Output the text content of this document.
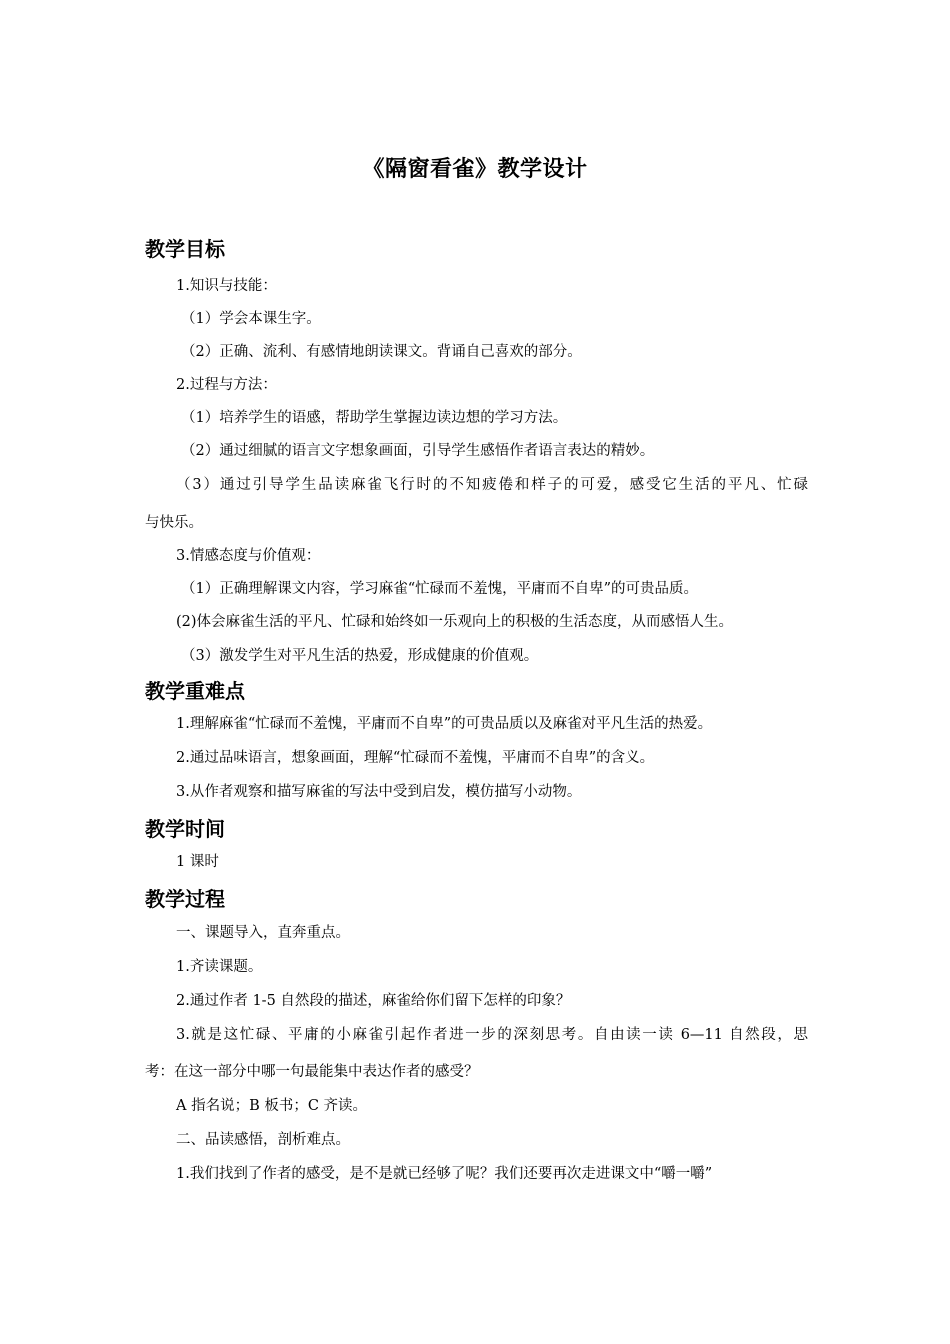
《隔窗看雀》教学设计
教学目标
1.知识与技能：
（1）学会本课生字。
（2）正确、流利、有感情地朗读课文。背诵自己喜欢的部分。
2.过程与方法：
（1）培养学生的语感，帮助学生掌握边读边想的学习方法。
（2）通过细腻的语言文字想象画面，引导学生感悟作者语言表达的精妙。
（3）通过引导学生品读麻雀飞行时的不知疲倦和样子的可爱，感受它生活的平凡、忙碌
与快乐。
3.情感态度与价值观：
（1）正确理解课文内容，学习麻雀“忙碌而不羞愧，平庸而不自卑”的可贵品质。
(2)体会麻雀生活的平凡、忙碌和始终如一乐观向上的积极的生活态度，从而感悟人生。
（3）激发学生对平凡生活的热爱，形成健康的价值观。
教学重难点
1.理解麻雀“忙碌而不羞愧，平庸而不自卑”的可贵品质以及麻雀对平凡生活的热爱。
2.通过品味语言，想象画面，理解“忙碌而不羞愧，平庸而不自卑”的含义。
3.从作者观察和描写麻雀的写法中受到启发，模仿描写小动物。
教学时间
1 课时
教学过程
一、课题导入，直奔重点。
1.齐读课题。
2.通过作者 1-5 自然段的描述，麻雀给你们留下怎样的印象？
3.就是这忙碌、平庸的小麻雀引起作者进一步的深刻思考。自由读一读 6—11 自然段，思
考：在这一部分中哪一句最能集中表达作者的感受？
A 指名说；B 板书；C 齐读。
二、品读感悟，剖析难点。
1.我们找到了作者的感受，是不是就已经够了呢？我们还要再次走进课文中“嚼一嚼”
